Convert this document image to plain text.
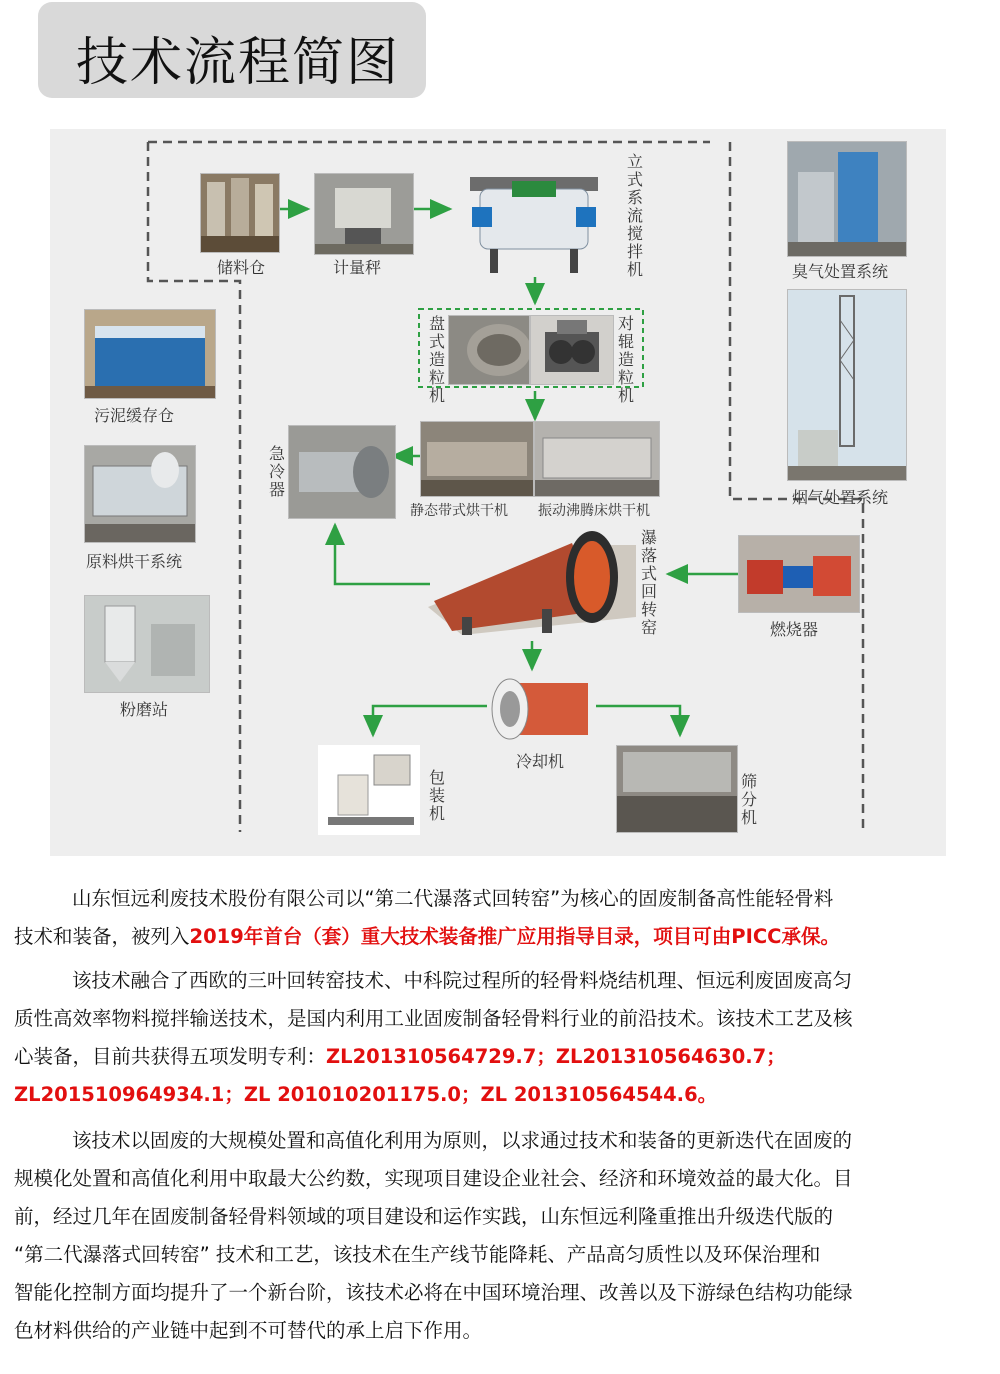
技术流程简图
储料仓	计量秤
立式系流搅拌机
盘式造粒机
对辊造粒机
污泥缓存仓
原料烘干系统
粉磨站
急冷器
静态带式烘干机 振动沸腾床烘干机
瀑落式回转窑	燃烧器
冷却机
包装机
筛分机
臭气处置系统
烟气处置系统
山东恒远利废技术股份有限公司以“第二代瀑落式回转窑”为核心的固废制备高性能轻骨料
技术和装备，被列入2019年首台（套）重大技术装备推广应用指导目录，项目可由PICC承保。
该技术融合了西欧的三叶回转窑技术、中科院过程所的轻骨料烧结机理、恒远利废固废高匀
质性高效率物料搅拌输送技术，是国内利用工业固废制备轻骨料行业的前沿技术。该技术工艺及核
心装备，目前共获得五项发明专利：ZL201310564729.7；ZL201310564630.7；
ZL201510964934.1；ZL 201010201175.0；ZL 201310564544.6。
该技术以固废的大规模处置和高值化利用为原则，以求通过技术和装备的更新迭代在固废的
规模化处置和高值化利用中取最大公约数，实现项目建设企业社会、经济和环境效益的最大化。目
前，经过几年在固废制备轻骨料领域的项目建设和运作实践，山东恒远利隆重推出升级迭代版的
“第二代瀑落式回转窑” 技术和工艺，该技术在生产线节能降耗、产品高匀质性以及环保治理和
智能化控制方面均提升了一个新台阶，该技术必将在中国环境治理、改善以及下游绿色结构功能绿
色材料供给的产业链中起到不可替代的承上启下作用。
